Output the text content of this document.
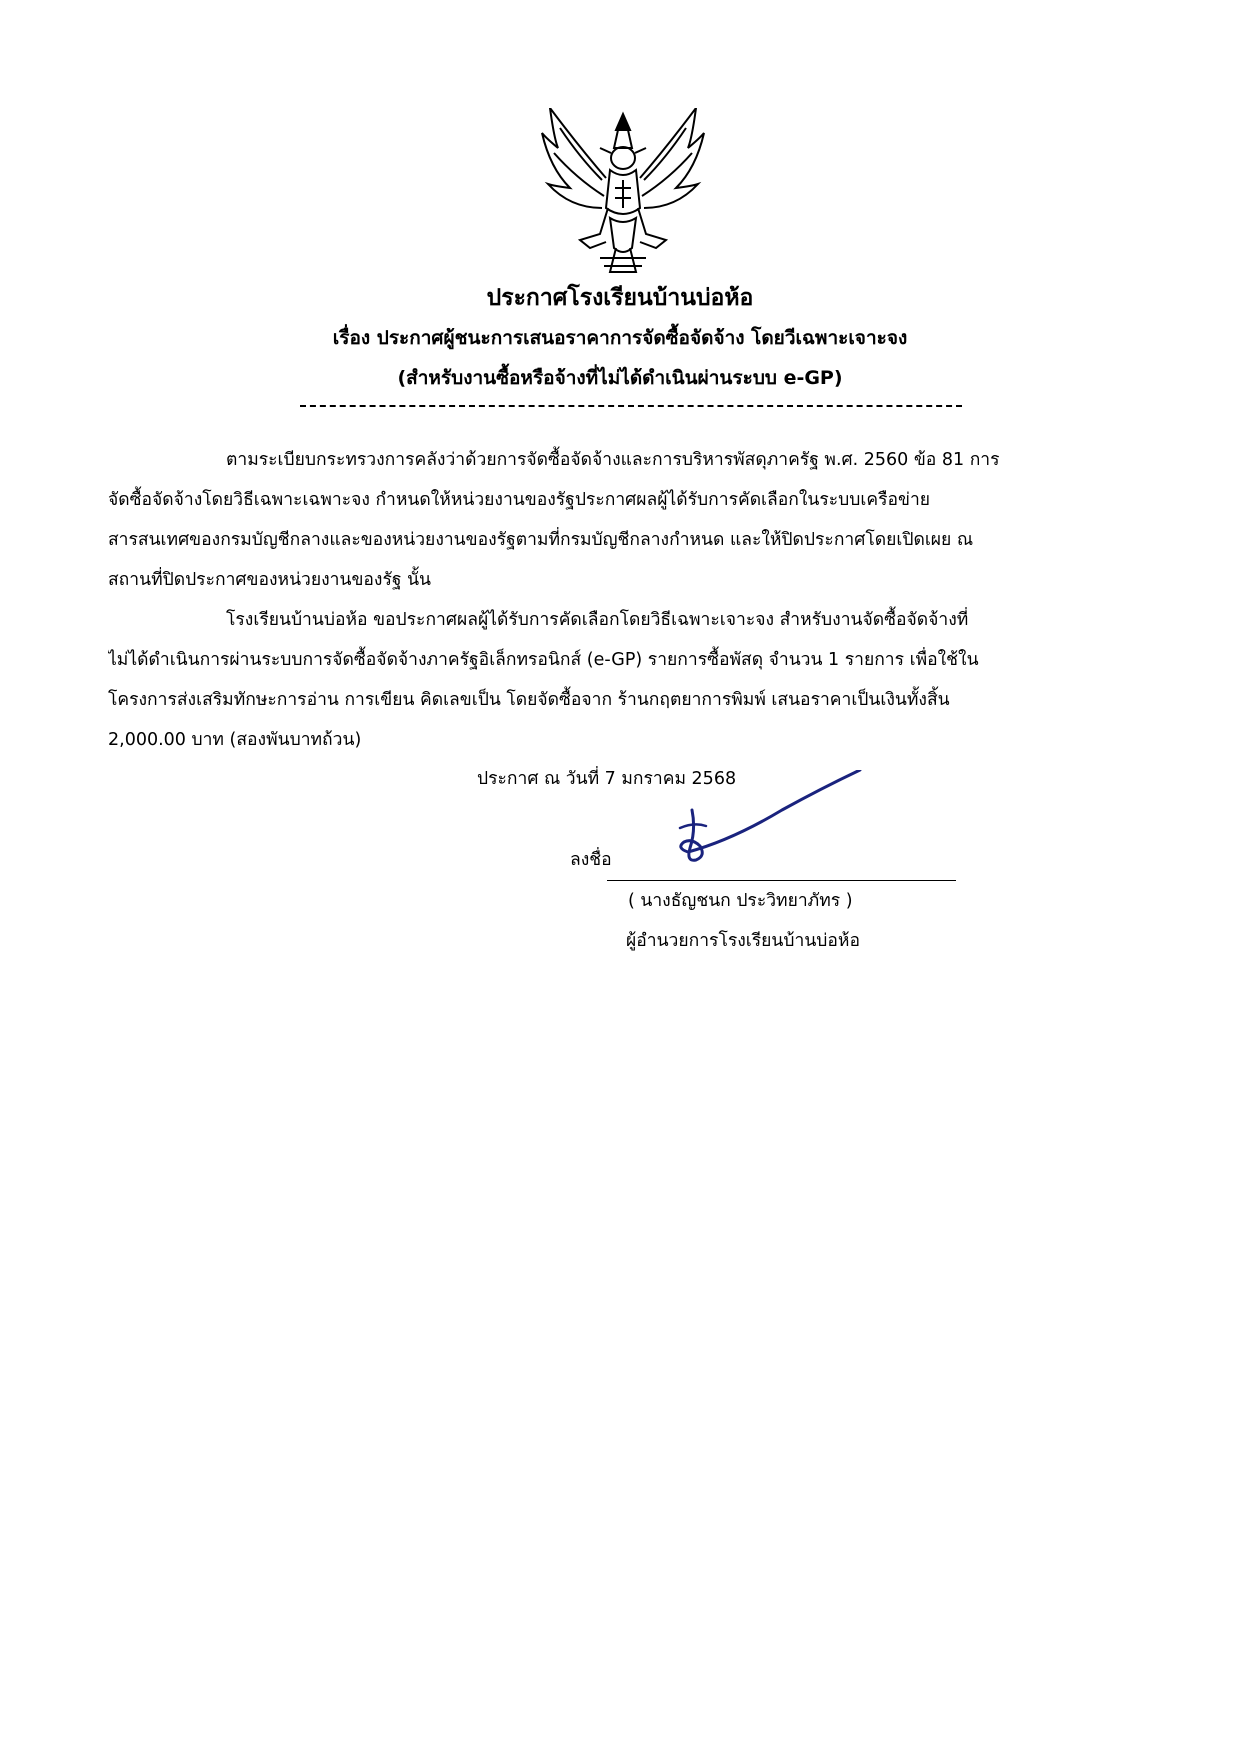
ประกาศโรงเรียนบ้านบ่อห้อ
เรื่อง ประกาศผู้ชนะการเสนอราคาการจัดซื้อจัดจ้าง โดยวีเฉพาะเจาะจง
(สำหรับงานซื้อหรือจ้างที่ไม่ได้ดำเนินผ่านระบบ e-GP)
ตามระเบียบกระทรวงการคลังว่าด้วยการจัดซื้อจัดจ้างและการบริหารพัสดุภาครัฐ พ.ศ. 2560 ข้อ 81 การ
จัดซื้อจัดจ้างโดยวิธีเฉพาะเฉพาะจง กำหนดให้หน่วยงานของรัฐประกาศผลผู้ได้รับการคัดเลือกในระบบเครือข่าย
สารสนเทศของกรมบัญชีกลางและของหน่วยงานของรัฐตามที่กรมบัญชีกลางกำหนด และให้ปิดประกาศโดยเปิดเผย ณ
สถานที่ปิดประกาศของหน่วยงานของรัฐ นั้น
โรงเรียนบ้านบ่อห้อ ขอประกาศผลผู้ได้รับการคัดเลือกโดยวิธีเฉพาะเจาะจง สำหรับงานจัดซื้อจัดจ้างที่
ไม่ได้ดำเนินการผ่านระบบการจัดซื้อจัดจ้างภาครัฐอิเล็กทรอนิกส์ (e-GP) รายการซื้อพัสดุ จำนวน 1 รายการ เพื่อใช้ใน
โครงการส่งเสริมทักษะการอ่าน การเขียน คิดเลขเป็น โดยจัดซื้อจาก ร้านกฤตยาการพิมพ์ เสนอราคาเป็นเงินทั้งสิ้น
2,000.00 บาท (สองพันบาทถ้วน)
ประกาศ ณ วันที่ 7 มกราคม 2568
ลงชื่อ
( นางธัญชนก ประวิทยาภัทร )
ผู้อำนวยการโรงเรียนบ้านบ่อห้อ
